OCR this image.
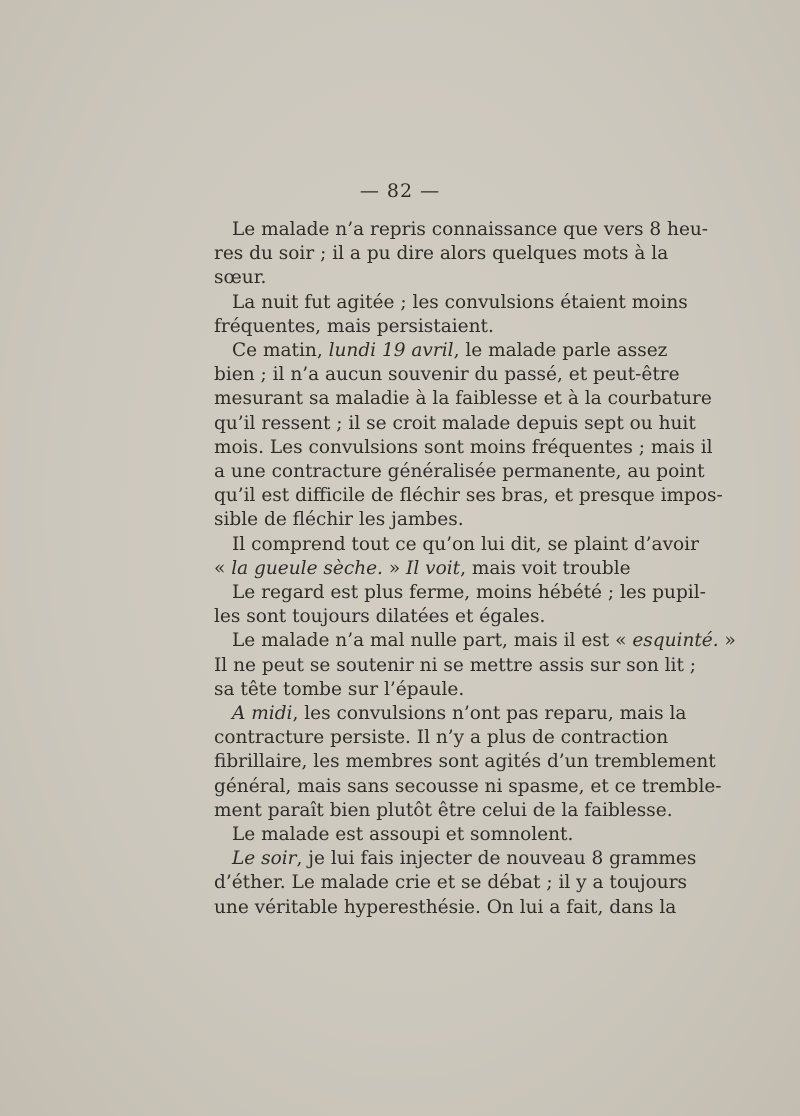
— 82 —
Le malade n’a repris connaissance que vers 8 heu-
res du soir ; il a pu dire alors quelques mots à la
sœur.
La nuit fut agitée ; les convulsions étaient moins
fréquentes, mais persistaient.
Ce matin, lundi 19 avril, le malade parle assez
bien ; il n’a aucun souvenir du passé, et peut-être
mesurant sa maladie à la faiblesse et à la courbature
qu’il ressent ; il se croit malade depuis sept ou huit
mois. Les convulsions sont moins fréquentes ; mais il
a une contracture généralisée permanente, au point
qu’il est difficile de fléchir ses bras, et presque impos-
sible de fléchir les jambes.
Il comprend tout ce qu’on lui dit, se plaint d’avoir
« la gueule sèche. » Il voit, mais voit trouble
Le regard est plus ferme, moins hébété ; les pupil-
les sont toujours dilatées et égales.
Le malade n’a mal nulle part, mais il est « esquinté. »
Il ne peut se soutenir ni se mettre assis sur son lit ;
sa tête tombe sur l’épaule.
A midi, les convulsions n’ont pas reparu, mais la
contracture persiste. Il n’y a plus de contraction
fibrillaire, les membres sont agités d’un tremblement
général, mais sans secousse ni spasme, et ce tremble-
ment paraît bien plutôt être celui de la faiblesse.
Le malade est assoupi et somnolent.
Le soir, je lui fais injecter de nouveau 8 grammes
d’éther. Le malade crie et se débat ; il y a toujours
une véritable hyperesthésie. On lui a fait, dans la
